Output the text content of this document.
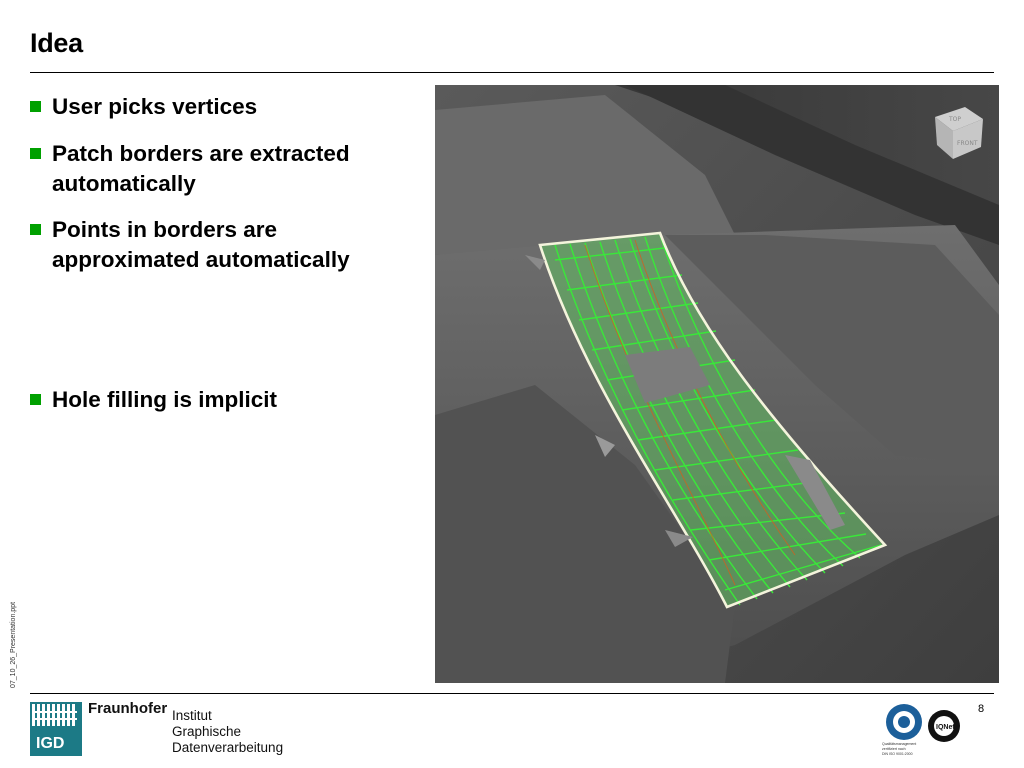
Idea
User picks vertices
Patch borders are extracted automatically
Points in borders are approximated automatically
Hole filling is implicit
TOP
FRONT
07_10_26_Presentation.ppt
8
IGD
Fraunhofer Institut
Graphische
Datenverarbeitung
IQNet
Qualitätsmanagement
zertifiziert nach
DIN ISO 9001:2000
